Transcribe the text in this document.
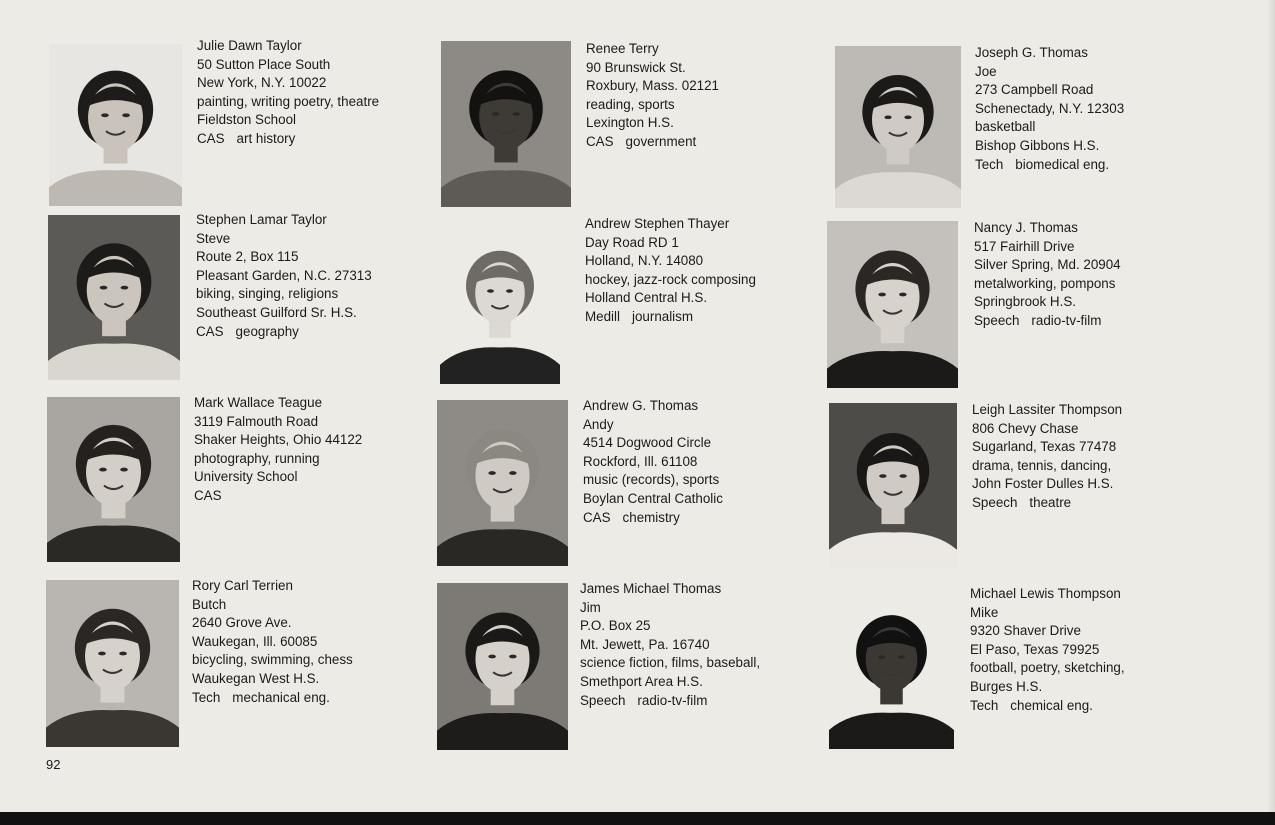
Julie Dawn Taylor
50 Sutton Place South
New York, N.Y. 10022
painting, writing poetry, theatre
Fieldston School
CAS art history
Stephen Lamar Taylor
Steve
Route 2, Box 115
Pleasant Garden, N.C. 27313
biking, singing, religions
Southeast Guilford Sr. H.S.
CAS geography
Mark Wallace Teague
3119 Falmouth Road
Shaker Heights, Ohio 44122
photography, running
University School
CAS
Rory Carl Terrien
Butch
2640 Grove Ave.
Waukegan, Ill. 60085
bicycling, swimming, chess
Waukegan West H.S.
Tech mechanical eng.
Renee Terry
90 Brunswick St.
Roxbury, Mass. 02121
reading, sports
Lexington H.S.
CAS government
Andrew Stephen Thayer
Day Road RD 1
Holland, N.Y. 14080
hockey, jazz-rock composing
Holland Central H.S.
Medill journalism
Andrew G. Thomas
Andy
4514 Dogwood Circle
Rockford, Ill. 61108
music (records), sports
Boylan Central Catholic
CAS chemistry
James Michael Thomas
Jim
P.O. Box 25
Mt. Jewett, Pa. 16740
science fiction, films, baseball,
Smethport Area H.S.
Speech radio-tv-film
Joseph G. Thomas
Joe
273 Campbell Road
Schenectady, N.Y. 12303
basketball
Bishop Gibbons H.S.
Tech biomedical eng.
Nancy J. Thomas
517 Fairhill Drive
Silver Spring, Md. 20904
metalworking, pompons
Springbrook H.S.
Speech radio-tv-film
Leigh Lassiter Thompson
806 Chevy Chase
Sugarland, Texas 77478
drama, tennis, dancing,
John Foster Dulles H.S.
Speech theatre
Michael Lewis Thompson
Mike
9320 Shaver Drive
El Paso, Texas 79925
football, poetry, sketching,
Burges H.S.
Tech chemical eng.
92
